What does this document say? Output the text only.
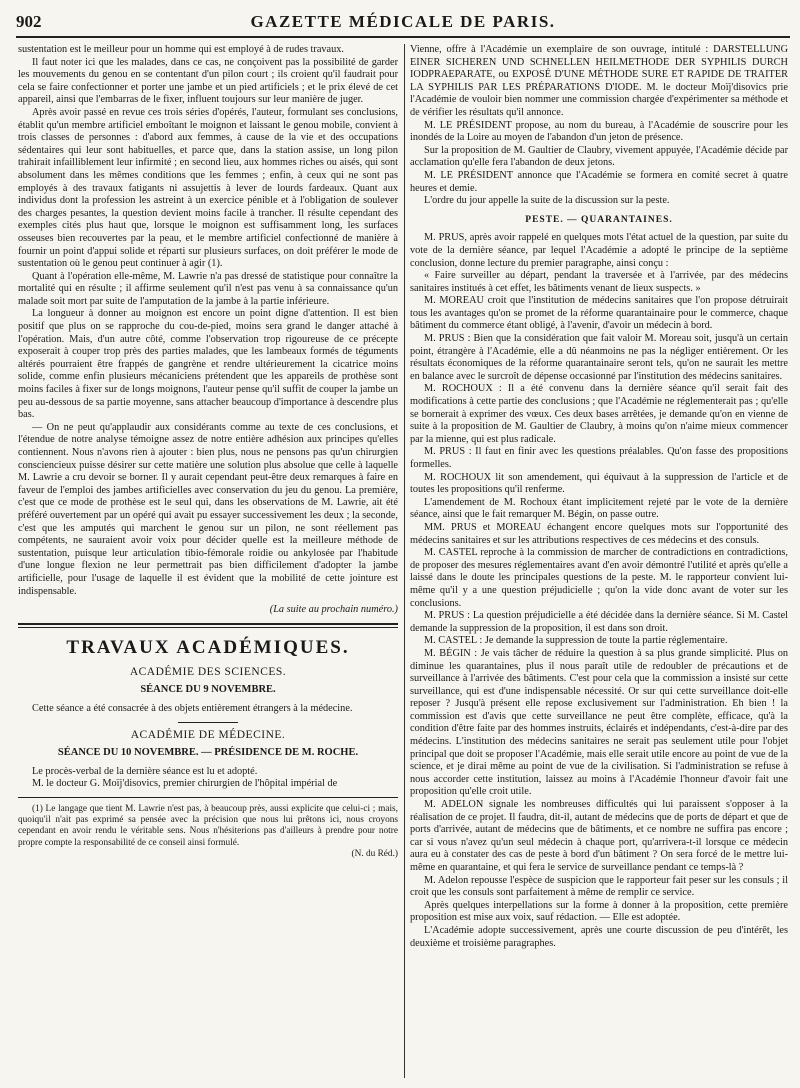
902	GAZETTE MÉDICALE DE PARIS.

sustentation est le meilleur pour un homme qui est employé à de rudes travaux.

Il faut noter ici que les malades, dans ce cas, ne conçoivent pas la possibilité de garder les mouvements du genou en se contentant d'un pilon court ; ils croient qu'il faudrait pour cela se faire confectionner et porter une jambe et un pied artificiels ; et le prix élevé de cet appareil, ainsi que l'embarras de le fixer, influent toujours sur leur manière de juger.

Après avoir passé en revue ces trois séries d'opérés, l'auteur, formulant ses conclusions, établit qu'un membre artificiel emboîtant le moignon et laissant le genou mobile, convient à trois classes de personnes : d'abord aux femmes, à cause de la vie et des occupations sédentaires qui leur sont habituelles, et parce que, dans la station assise, un long pilon trahirait infailliblement leur infirmité ; en second lieu, aux hommes riches ou aisés, qui sont absolument dans les mêmes conditions que les femmes ; enfin, à ceux qui ne sont pas employés à des travaux fatigants ni assujettis à lever de lourds fardeaux. Quant aux individus dont la profession les astreint à un exercice pénible et à l'obligation de soulever des charges pesantes, la question devient moins facile à trancher. Il résulte cependant des exemples cités plus haut que, lorsque le moignon est suffisamment long, les surfaces osseuses bien recouvertes par la peau, et le membre artificiel confectionné de manière à fournir un point d'appui solide et réparti sur plusieurs surfaces, on doit préférer le mode de sustentation où le genou peut continuer à agir (1).

Quant à l'opération elle-même, M. Lawrie n'a pas dressé de statistique pour connaître la mortalité qui en résulte ; il affirme seulement qu'il n'est pas venu à sa connaissance qu'un malade soit mort par suite de l'amputation de la jambe à la partie inférieure.

La longueur à donner au moignon est encore un point digne d'attention. Il est bien positif que plus on se rapproche du cou-de-pied, moins sera grand le danger attaché à l'opération. Mais, d'un autre côté, comme l'observation trop rigoureuse de ce précepte exposerait à couper trop près des parties malades, que les lambeaux formés de téguments altérés pourraient être frappés de gangrène et rendre ultérieurement la cicatrice moins solide, comme enfin plusieurs mécaniciens prétendent que les appareils de prothèse sont moins faciles à fixer sur de longs moignons, l'auteur pense qu'il suffit de couper la jambe un peu au-dessous de sa partie moyenne, sans attacher beaucoup d'importance à descendre plus bas.

— On ne peut qu'applaudir aux considérants comme au texte de ces conclusions, et l'étendue de notre analyse témoigne assez de notre entière adhésion aux principes qu'elles contiennent. Nous n'avons rien à ajouter : bien plus, nous ne pensons pas qu'un chirurgien consciencieux puisse désirer sur cette matière une solution plus absolue que celle à laquelle M. Lawrie a cru devoir se borner. Il y aurait cependant peut-être deux remarques à faire en faveur de l'emploi des jambes artificielles avec conservation du jeu du genou. La première, c'est que ce mode de prothèse est le seul qui, dans les observations de M. Lawrie, ait été préféré ouvertement par un opéré qui avait pu essayer successivement les deux ; la seconde, c'est que les amputés qui marchent le genou sur un pilon, ne sont réellement pas compétents, ne sauraient avoir voix pour décider quelle est la meilleure méthode de sustentation, puisque leur articulation tibio-fémorale roidie ou ankylosée par l'habitude d'une longue flexion ne leur permettrait pas bien difficilement d'adopter la jambe artificielle, pour l'usage de laquelle il est évident que la mobilité de cette jointure est indispensable.

(La suite au prochain numéro.)
TRAVAUX ACADÉMIQUES.
ACADÉMIE DES SCIENCES.
SÉANCE DU 9 NOVEMBRE.

Cette séance a été consacrée à des objets entièrement étrangers à la médecine.

ACADÉMIE DE MÉDECINE.
SÉANCE DU 10 NOVEMBRE. — PRÉSIDENCE DE M. ROCHE.

Le procès-verbal de la dernière séance est lu et adopté.

M. le docteur G. Moïj'disovics, premier chirurgien de l'hôpital impérial de

(1) Le langage que tient M. Lawrie n'est pas, à beaucoup près, aussi explicite que celui-ci ; mais, quoiqu'il n'ait pas exprimé sa pensée avec la précision que nous lui prêtons ici, nous croyons cependant en avoir rendu le véritable sens. Nous n'hésiterions pas d'ailleurs à prendre pour notre propre compte la responsabilité de ce conseil ainsi formulé.

(N. du Réd.)

Vienne, offre à l'Académie un exemplaire de son ouvrage, intitulé : DARSTELLUNG EINER SICHEREN UND SCHNELLEN HEILMETHODE DER SYPHILIS DURCH IODPRAEPARATE, ou EXPOSÉ D'UNE MÉTHODE SURE ET RAPIDE DE TRAITER LA SYPHILIS PAR LES PRÉPARATIONS D'IODE. M. le docteur Moïj'disovics prie l'Académie de vouloir bien nommer une commission chargée d'expérimenter sa méthode et de vérifier les résultats qu'il annonce.

M. LE PRÉSIDENT propose, au nom du bureau, à l'Académie de souscrire pour les inondés de la Loire au moyen de l'abandon d'un jeton de présence.

Sur la proposition de M. Gaultier de Claubry, vivement appuyée, l'Académie décide par acclamation qu'elle fera l'abandon de deux jetons.

M. LE PRÉSIDENT annonce que l'Académie se formera en comité secret à quatre heures et demie.

L'ordre du jour appelle la suite de la discussion sur la peste.

PESTE. — QUARANTAINES.

M. PRUS, après avoir rappelé en quelques mots l'état actuel de la question, par suite du vote de la dernière séance, par lequel l'Académie a adopté le principe de la septième conclusion, donne lecture du premier paragraphe, ainsi conçu :

« Faire surveiller au départ, pendant la traversée et à l'arrivée, par des médecins sanitaires institués à cet effet, les bâtiments venant de lieux suspects. »

M. MOREAU croit que l'institution de médecins sanitaires que l'on propose détruirait tous les avantages qu'on se promet de la réforme quarantainaire pour le commerce, chaque bâtiment du commerce étant obligé, à l'avenir, d'avoir un médecin à bord.

M. PRUS : Bien que la considération que fait valoir M. Moreau soit, jusqu'à un certain point, étrangère à l'Académie, elle a dû néanmoins ne pas la négliger entièrement. Or les résultats économiques de la réforme quarantainaire seront tels, qu'on ne saurait les mettre en balance avec le surcroît de dépense occasionné par l'institution des médecins sanitaires.

M. ROCHOUX : Il a été convenu dans la dernière séance qu'il serait fait des modifications à cette partie des conclusions ; que l'Académie ne réglementerait pas ; qu'elle se bornerait à exprimer des vœux. Ces deux bases arrêtées, je demande qu'on en vienne de suite à la proposition de M. Gaultier de Claubry, à moins qu'on n'aime mieux commencer par la mienne, qui est plus radicale.

M. PRUS : Il faut en finir avec les questions préalables. Qu'on fasse des propositions formelles.

M. ROCHOUX lit son amendement, qui équivaut à la suppression de l'article et de toutes les propositions qu'il renferme.

L'amendement de M. Rochoux étant implicitement rejeté par le vote de la dernière séance, ainsi que le fait remarquer M. Bégin, on passe outre.

MM. PRUS et MOREAU échangent encore quelques mots sur l'opportunité des médecins sanitaires et sur les attributions respectives de ces médecins et des consuls.

M. CASTEL reproche à la commission de marcher de contradictions en contradictions, de proposer des mesures réglementaires avant d'en avoir démontré l'utilité et après qu'elle a laissé dans le doute les principales questions de la peste. M. le rapporteur convient lui-même qu'il y a une question préjudicielle ; qu'on la vide donc avant de voter sur les conclusions.

M. PRUS : La question préjudicielle a été décidée dans la dernière séance. Si M. Castel demande la suppression de la proposition, il est dans son droit.

M. CASTEL : Je demande la suppression de toute la partie réglementaire.

M. BÉGIN : Je vais tâcher de réduire la question à sa plus grande simplicité. Plus on diminue les quarantaines, plus il nous paraît utile de redoubler de précautions et de surveillance à l'arrivée des bâtiments. C'est pour cela que la commission a insisté sur cette surveillance, qui est d'une indispensable nécessité. Or sur qui cette surveillance doit-elle reposer ? Jusqu'à présent elle repose exclusivement sur l'administration. Eh bien ! la commission est d'avis que cette surveillance ne peut être complète, efficace, qu'à la condition d'être faite par des hommes instruits, éclairés et indépendants, c'est-à-dire par des médecins. L'institution des médecins sanitaires ne serait pas seulement utile pour l'objet principal que doit se proposer l'Académie, mais elle serait utile encore au point de vue de la science, et je dirai même au point de vue de la civilisation. Si l'administration se refuse à nous accorder cette institution, laissez au moins à l'Académie l'honneur d'avoir fait une proposition qu'elle croit utile.

M. ADELON signale les nombreuses difficultés qui lui paraissent s'opposer à la réalisation de ce projet. Il faudra, dit-il, autant de médecins que de ports de départ et que de ports d'arrivée, autant de médecins que de bâtiments, et ce nombre ne suffira pas encore ; car si vous n'avez qu'un seul médecin à chaque port, qu'arrivera-t-il lorsque ce médecin aura eu à constater des cas de peste à bord d'un bâtiment ? On sera forcé de le mettre lui-même en quarantaine, et qui fera le service de surveillance pendant ce temps-là ?

M. Adelon repousse l'espèce de suspicion que le rapporteur fait peser sur les consuls ; il croit que les consuls sont parfaitement à même de remplir ce service.

Après quelques interpellations sur la forme à donner à la proposition, cette première proposition est mise aux voix, sauf rédaction. — Elle est adoptée.

L'Académie adopte successivement, après une courte discussion de peu d'intérêt, les deuxième et troisième paragraphes.
